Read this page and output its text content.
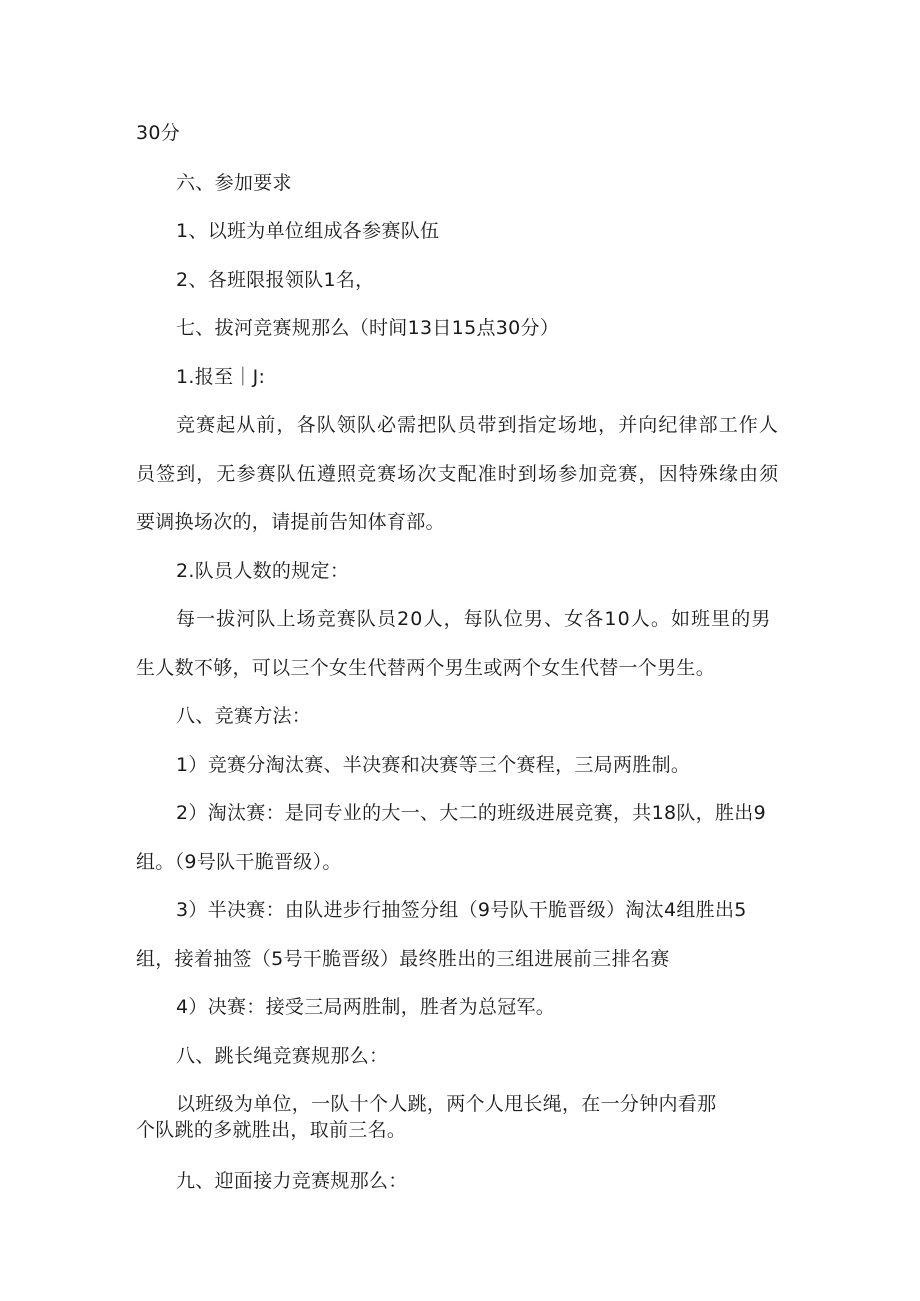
30分
六、参加要求
1、以班为单位组成各参赛队伍
2、各班限报领队1名，
七、拔河竞赛规那么（时间13日15点30分）
1.报至｜J:
竞赛起从前，各队领队必需把队员带到指定场地，并向纪律部工作人
员签到，无参赛队伍遵照竞赛场次支配准时到场参加竞赛，因特殊缘由须
要调换场次的，请提前告知体育部。
2.队员人数的规定：
每一拔河队上场竞赛队员20人，每队位男、女各10人。如班里的男
生人数不够，可以三个女生代替两个男生或两个女生代替一个男生。
八、竞赛方法：
1）竞赛分淘汰赛、半决赛和决赛等三个赛程，三局两胜制。
2）淘汰赛：是同专业的大一、大二的班级进展竞赛，共18队，胜出9
组。（9号队干脆晋级）。
3）半决赛：由队进步行抽签分组（9号队干脆晋级）淘汰4组胜出5
组，接着抽签（5号干脆晋级）最终胜出的三组进展前三排名赛
4）决赛：接受三局两胜制，胜者为总冠军。
八、跳长绳竞赛规那么：
以班级为单位，一队十个人跳，两个人甩长绳，在一分钟内看那
个队跳的多就胜出，取前三名。
九、迎面接力竞赛规那么：
